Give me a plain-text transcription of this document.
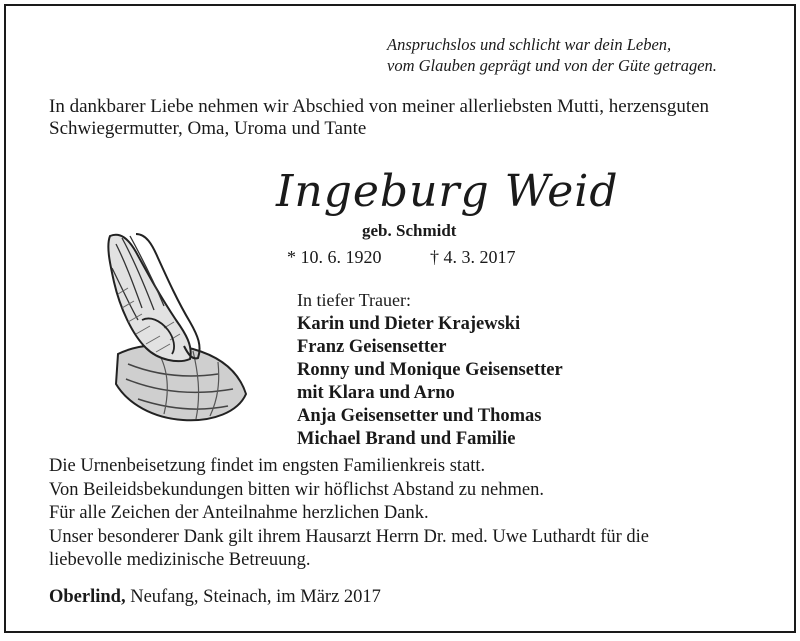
Anspruchslos und schlicht war dein Leben,
vom Glauben geprägt und von der Güte getragen.
In dankbarer Liebe nehmen wir Abschied von meiner allerliebsten Mutti, herzensguten
Schwiegermutter, Oma, Uroma und Tante
Ingeburg Weid
geb. Schmidt
* 10. 6. 1920	† 4. 3. 2017
In tiefer Trauer:
Karin und Dieter Krajewski
Franz Geisensetter
Ronny und Monique Geisensetter
mit Klara und Arno
Anja Geisensetter und Thomas
Michael Brand und Familie
Die Urnenbeisetzung findet im engsten Familienkreis statt.
Von Beileidsbekundungen bitten wir höflichst Abstand zu nehmen.
Für alle Zeichen der Anteilnahme herzlichen Dank.
Unser besonderer Dank gilt ihrem Hausarzt Herrn Dr. med. Uwe Luthardt für die
liebevolle medizinische Betreuung.
Oberlind, Neufang, Steinach, im März 2017
